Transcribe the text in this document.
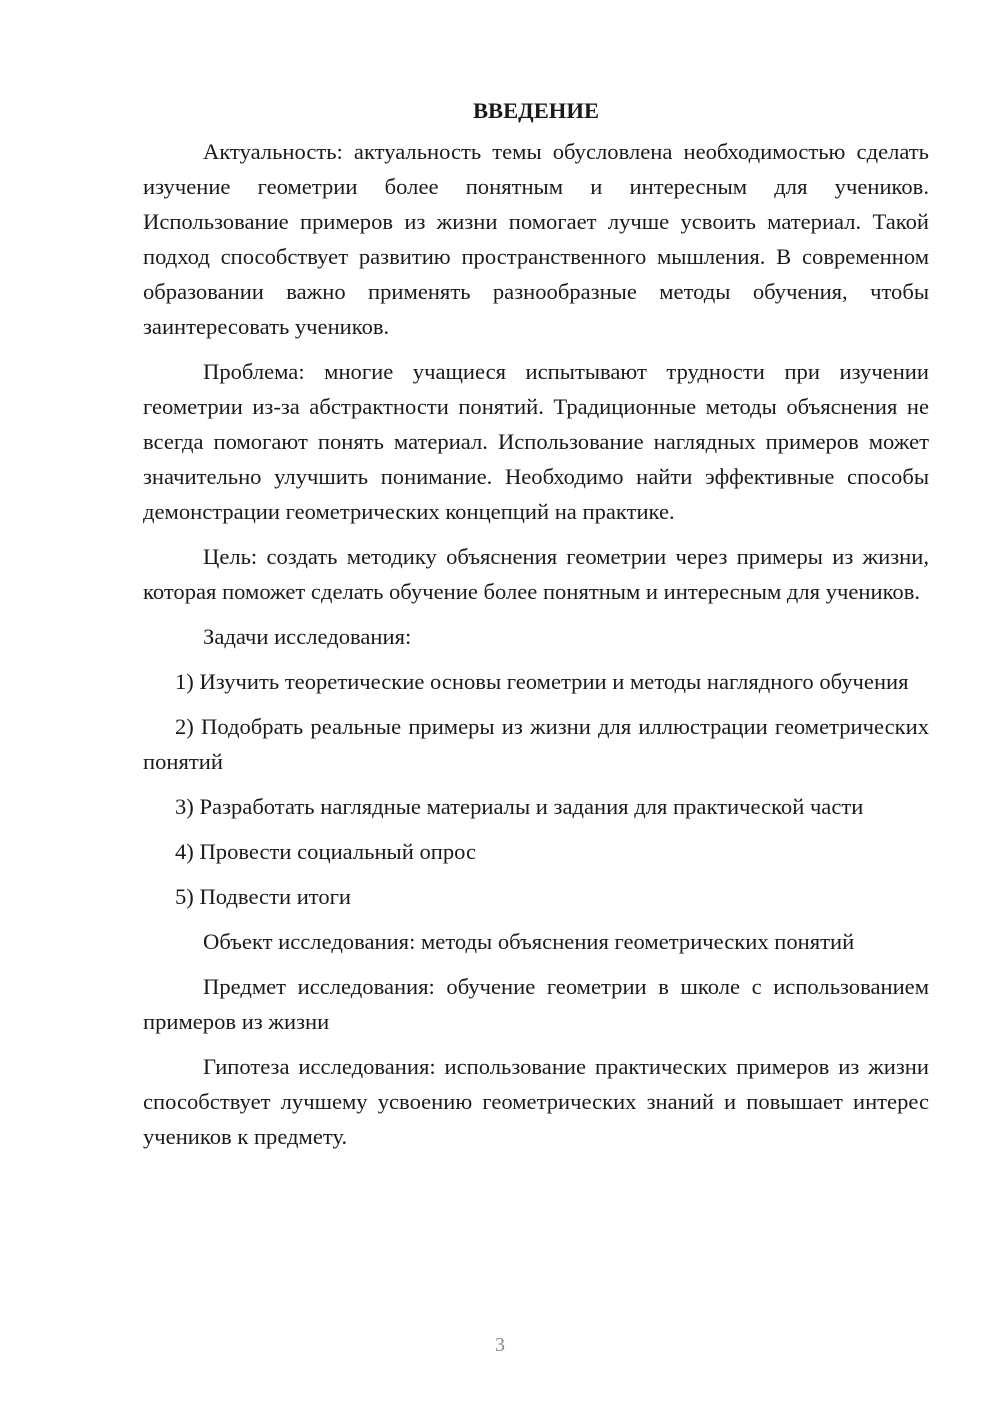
ВВЕДЕНИЕ

Актуальность: актуальность темы обусловлена необходимостью сделать изучение геометрии более понятным и интересным для учеников. Использование примеров из жизни помогает лучше усвоить материал. Такой подход способствует развитию пространственного мышления. В современном образовании важно применять разнообразные методы обучения, чтобы заинтересовать учеников.

Проблема: многие учащиеся испытывают трудности при изучении геометрии из-за абстрактности понятий. Традиционные методы объяснения не всегда помогают понять материал. Использование наглядных примеров может значительно улучшить понимание. Необходимо найти эффективные способы демонстрации геометрических концепций на практике.

Цель: создать методику объяснения геометрии через примеры из жизни, которая поможет сделать обучение более понятным и интересным для учеников.

Задачи исследования:

1) Изучить теоретические основы геометрии и методы наглядного обучения

2) Подобрать реальные примеры из жизни для иллюстрации геометрических понятий

3) Разработать наглядные материалы и задания для практической части

4) Провести социальный опрос

5) Подвести итоги

Объект исследования: методы объяснения геометрических понятий

Предмет исследования: обучение геометрии в школе с использованием примеров из жизни

Гипотеза исследования: использование практических примеров из жизни способствует лучшему усвоению геометрических знаний и повышает интерес учеников к предмету.

3
